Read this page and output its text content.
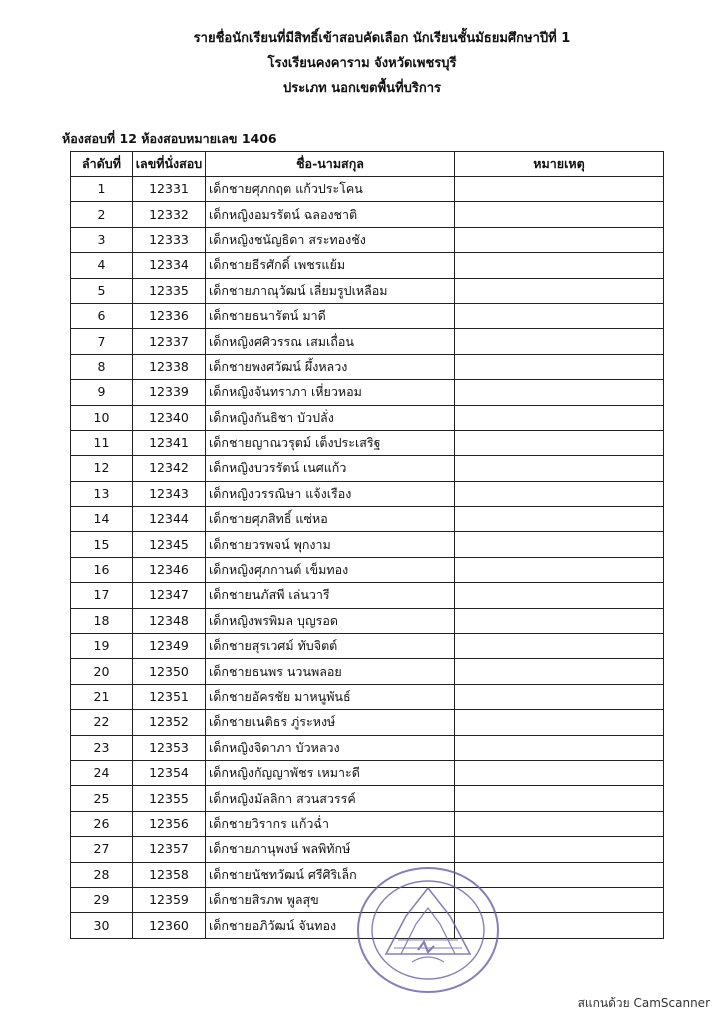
รายชื่อนักเรียนที่มีสิทธิ์เข้าสอบคัดเลือก นักเรียนชั้นมัธยมศึกษาปีที่ 1
โรงเรียนคงคาราม จังหวัดเพชรบุรี
ประเภท นอกเขตพื้นที่บริการ
ห้องสอบที่ 12 ห้องสอบหมายเลข 1406
ลำดับที่	เลขที่นั่งสอบ	ชื่อ-นามสกุล	หมายเหตุ
1	12331	เด็กชายศุภกฤต แก้วประโคน	
2	12332	เด็กหญิงอมรรัตน์ ฉลองชาติ	
3	12333	เด็กหญิงชนัญธิดา สระทองชัง	
4	12334	เด็กชายธีรศักดิ์ เพชรแย้ม	
5	12335	เด็กชายภาณุวัฒน์ เลี่ยมรูปเหลือม	
6	12336	เด็กชายธนารัตน์ มาดี	
7	12337	เด็กหญิงศศิวรรณ เสมเถื่อน	
8	12338	เด็กชายพงศวัฒน์ ผึ้งหลวง	
9	12339	เด็กหญิงจันทราภา เหี่ยวหอม	
10	12340	เด็กหญิงกันธิชา บัวปลั่ง	
11	12341	เด็กชายญาณวรุตม์ เต็งประเสริฐ	
12	12342	เด็กหญิงบวรรัตน์ เนศแก้ว	
13	12343	เด็กหญิงวรรณิษา แจ้งเรือง	
14	12344	เด็กชายศุภสิทธิ์ แซ่หอ	
15	12345	เด็กชายวรพจน์ พุกงาม	
16	12346	เด็กหญิงศุภกานต์ เข็มทอง	
17	12347	เด็กชายนภัสพี เล่นวารี	
18	12348	เด็กหญิงพรพิมล บุญรอด	
19	12349	เด็กชายสุรเวศม์ ทับจิตต์	
20	12350	เด็กชายธนพร นวนพลอย	
21	12351	เด็กชายอัครชัย มาหนูพันธ์	
22	12352	เด็กชายเนติธร ภู่ระหงษ์	
23	12353	เด็กหญิงจิดาภา บัวหลวง	
24	12354	เด็กหญิงกัญญาพัชร เหมาะดี	
25	12355	เด็กหญิงมัลลิกา สวนสวรรค์	
26	12356	เด็กชายวิรากร แก้วฉ่ำ	
27	12357	เด็กชายภานุพงษ์ พลพิทักษ์	
28	12358	เด็กชายนัชทวัฒน์ ศรีศิริเล็ก	
29	12359	เด็กชายสิรภพ พูลสุข	
30	12360	เด็กชายอภิวัฒน์ จันทอง	
สแกนด้วย CamScanner
